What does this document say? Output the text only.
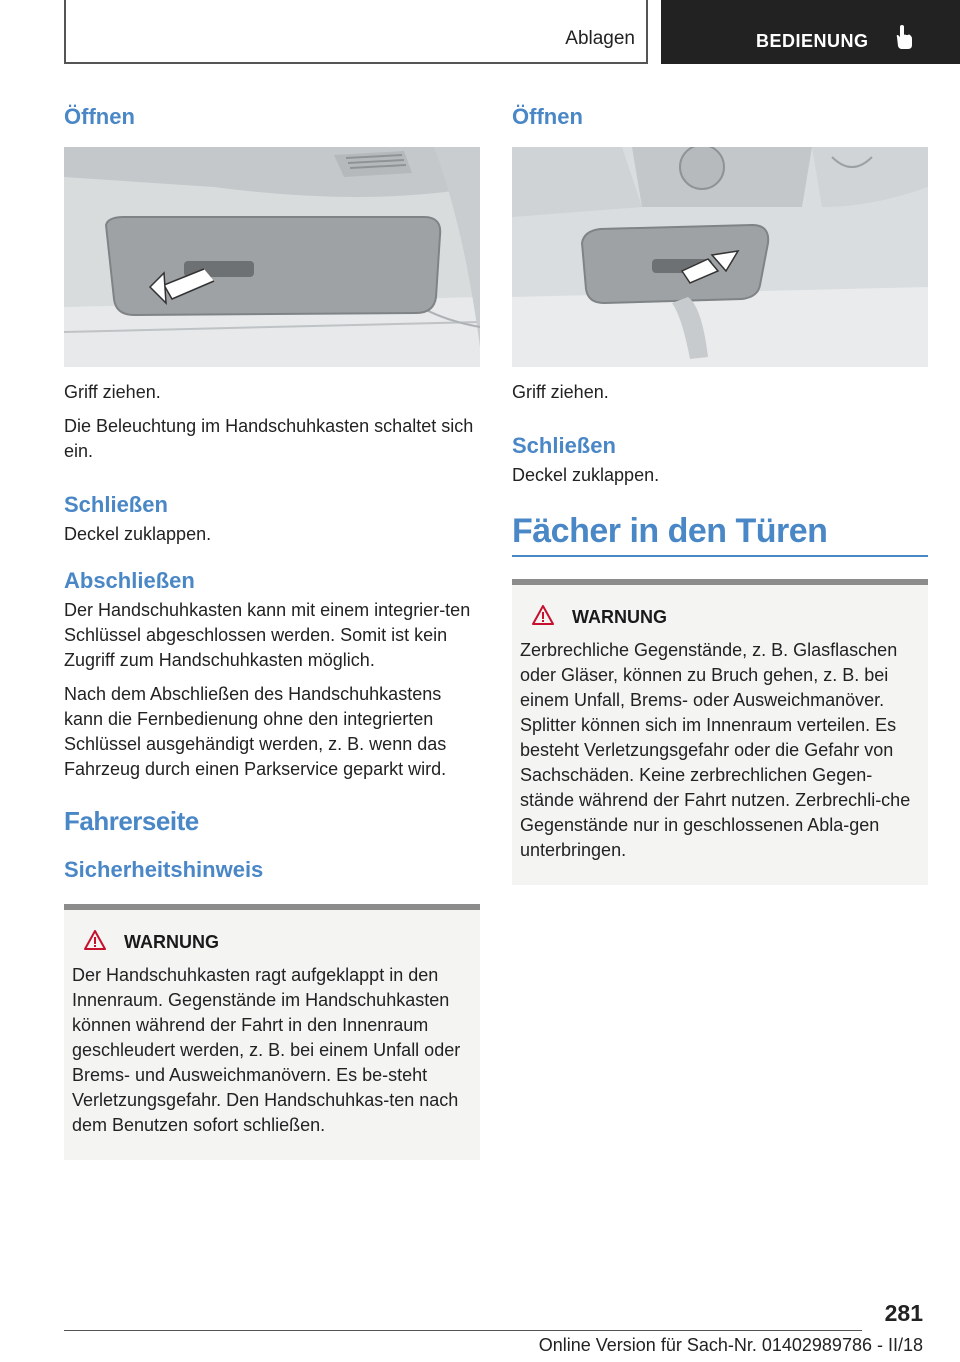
Ablagen	BEDIENUNG
Öffnen

Griff ziehen.

Die Beleuchtung im Handschuhkasten schaltet sich ein.

Schließen

Deckel zuklappen.

Abschließen

Der Handschuhkasten kann mit einem integrier-ten Schlüssel abgeschlossen werden. Somit ist kein Zugriff zum Handschuhkasten möglich.

Nach dem Abschließen des Handschuhkastens kann die Fernbedienung ohne den integrierten Schlüssel ausgehändigt werden, z. B. wenn das Fahrzeug durch einen Parkservice geparkt wird.

Fahrerseite
Sicherheitshinweis
WARNUNG

Der Handschuhkasten ragt aufgeklappt in den Innenraum. Gegenstände im Handschuhkasten können während der Fahrt in den Innenraum geschleudert werden, z. B. bei einem Unfall oder Brems- und Ausweichmanövern. Es be-steht Verletzungsgefahr. Den Handschuhkas-ten nach dem Benutzen sofort schließen.

Öffnen

Griff ziehen.

Schließen

Deckel zuklappen.

Fächer in den Türen
WARNUNG

Zerbrechliche Gegenstände, z. B. Glasflaschen oder Gläser, können zu Bruch gehen, z. B. bei einem Unfall, Brems- oder Ausweichmanöver. Splitter können sich im Innenraum verteilen. Es besteht Verletzungsgefahr oder die Gefahr von Sachschäden. Keine zerbrechlichen Gegen-stände während der Fahrt nutzen. Zerbrechli-che Gegenstände nur in geschlossenen Abla-gen unterbringen.

281
Online Version für Sach-Nr. 01402989786 - II/18
